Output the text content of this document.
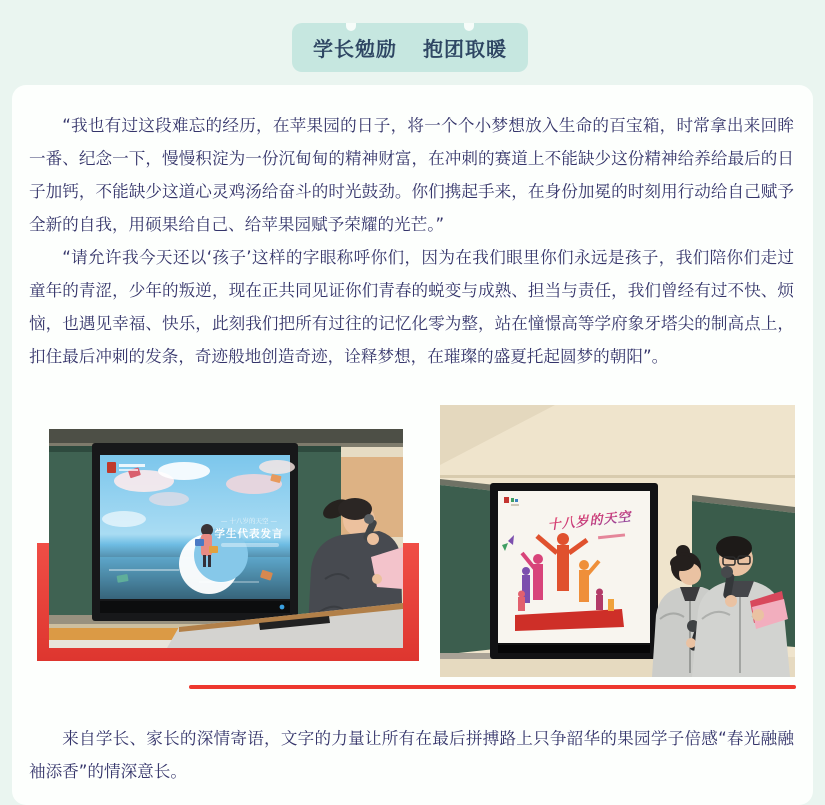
学长勉励 抱团取暖

“我也有过这段难忘的经历，在苹果园的日子，将一个个小梦想放入生命的百宝箱，时常拿出来回眸一番、纪念一下，慢慢积淀为一份沉甸甸的精神财富，在冲刺的赛道上不能缺少这份精神给养给最后的日子加钙，不能缺少这道心灵鸡汤给奋斗的时光鼓劲。你们携起手来，在身份加冕的时刻用行动给自己赋予全新的自我，用硕果给自己、给苹果园赋予荣耀的光芒。”

“请允许我今天还以‘孩子’这样的字眼称呼你们，因为在我们眼里你们永远是孩子，我们陪你们走过童年的青涩，少年的叛逆，现在正共同见证你们青春的蜕变与成熟、担当与责任，我们曾经有过不快、烦恼，也遇见幸福、快乐，此刻我们把所有过往的记忆化零为整，站在憧憬高等学府象牙塔尖的制高点上，扣住最后冲刺的发条，奇迹般地创造奇迹，诠释梦想，在璀璨的盛夏托起圆梦的朝阳”。

— 十八岁的天空 —
学生代表发言
十八岁的天空

来自学长、家长的深情寄语，文字的力量让所有在最后拼搏路上只争韶华的果园学子倍感“春光融融袖添香”的情深意长。
